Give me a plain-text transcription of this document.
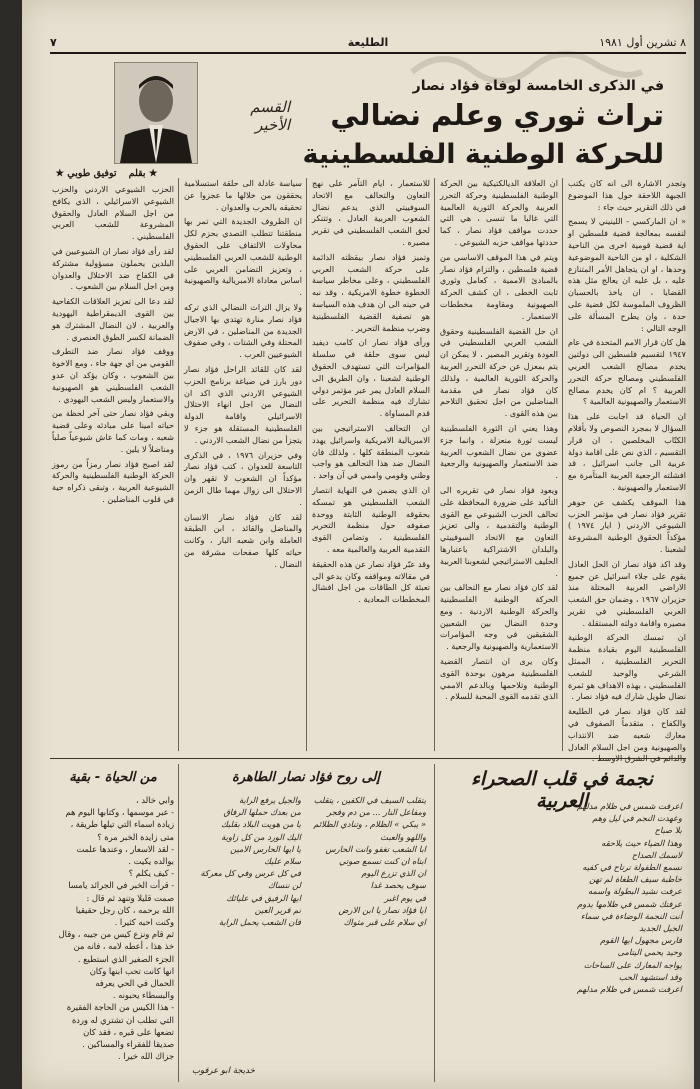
٨ تشرين أول ١٩٨١
الطليعة
٧
في الذكرى الخامسة لوفاة فؤاد نصار
تراث ثوري وعلم نضالي
للحركة الوطنية الفلسطينية
القسم الأخير
★ بقلم
توفيق طوبي ★

وتجدر الاشارة الى انه كان يكتب الجبهة اللاحقة حول هذا الموضوع في ذلك التقرير حيث جاء :

« ان الماركسي - اللينيني لا يسمح لنفسه بمعالجة قضية فلسطين او اية قضية قومية اخرى من الناحية الشكلية ، او من الناحية الموضوعية وحدها ، او ان يتجاهل الأمر المتنازع عليه ، بل عليه ان يعالج مثل هذه القضايا ، ان ياخذ بالحسبان الظروف الملموسة لكل قضية على حدة ، وان يطرح المسألة على الوجه التالي :

هل كان قرار الامم المتحدة في عام ١٩٤٧ لتقسيم فلسطين الى دولتين يخدم مصالح الشعب العربي الفلسطيني ومصالح حركة التحرر العربية ؟ ام كان يخدم مصالح الاستعمار والصهيونية العالمية ؟

ان الحياة قد اجابت على هذا السؤال لا بمجرد النصوص ولا بأقلام الكتّاب المخلصين ، ان قرار التقسيم ، الذي نص على اقامة دولة عربية الى جانب اسرائيل ، قد افشلته الرجعية العربية المتآمرة مع الاستعمار والصهيونية .

هذا الموقف يكشف عن جوهر تقرير فؤاد نصار في مؤتمر الحزب الشيوعي الاردني ( ايار ١٩٧٤ ) مؤكداً الحقوق الوطنية المشروعة لشعبنا .

وقد اكد فؤاد نصار ان الحل العادل يقوم على جلاء اسرائيل عن جميع الاراضي العربية المحتلة منذ حزيران ١٩٦٧ ، وضمان حق الشعب العربي الفلسطيني في تقرير مصيره واقامة دولته المستقلة .

ان تمسك الحركة الوطنية الفلسطينية اليوم بقيادة منظمة التحرير الفلسطينية ، الممثل الشرعي والوحيد للشعب الفلسطيني ، بهذه الاهداف هو ثمرة نضال طويل شارك فيه فؤاد نصار .

لقد كان فؤاد نصار في الطليعة والكفاح ، متقدماً الصفوف في معارك شعبه ضد الانتداب والصهيونية ومن اجل السلام العادل والدائم في الشرق الاوسط .

ان العلاقة الديالكتيكية بين الحركة الوطنية الفلسطينية وحركة التحرر العربية والحركة الثورية العالمية التي غالبا ما تنسى ، هي التي حددت مواقف فؤاد نصار ، كما حددتها مواقف حزبه الشيوعي .

ويتم في هذا الموقف الاساسي من قضية فلسطين ، والتزام فؤاد نصار بالمبادئ الاممية ، كعامل وثوري ثابت الخطى ، ان كشف الحركة الصهيونية ومقاومة مخططات الاستعمار .

ان حل القضية الفلسطينية وحقوق الشعب العربي الفلسطيني في العودة وتقرير المصير ، لا يمكن ان يتم بمعزل عن حركة التحرر العربية والحركة الثورية العالمية ، ولذلك كان فؤاد نصار في مقدمة المناضلين من اجل تحقيق التلاحم بين هذه القوى .

وهذا يعني ان الثورة الفلسطينية ليست ثورة منعزلة ، وانما جزء عضوي من نضال الشعوب العربية ضد الاستعمار والصهيونية والرجعية .

ويعود فؤاد نصار في تقريره الى التأكيد على ضرورة المحافظة على تحالف الحزب الشيوعي مع القوى الوطنية والتقدمية ، والى تعزيز التعاون مع الاتحاد السوفييتي والبلدان الاشتراكية باعتبارها الحليف الاستراتيجي لشعوبنا العربية .

لقد كان فؤاد نصار مع التحالف بين الحركة الوطنية الفلسطينية والحركة الوطنية الاردنية ، ومع وحدة النضال بين الشعبين الشقيقين في وجه المؤامرات الاستعمارية والصهيونية والرجعية .

وكان يرى ان انتصار القضية الفلسطينية مرهون بوحدة القوى الوطنية وتلاحمها وبالدعم الاممي الذي تقدمه القوى المحبة للسلام .

للاستعمار ، ايام التآمر على نهج التعاون والتحالف مع الاتحاد السوفييتي الذي يدعم نضال الشعوب العربية العادل ، وتتنكر لحق الشعب الفلسطيني في تقرير مصيره .

وتميز فؤاد نصار بيقظته الدائمة على حركة الشعب العربي الفلسطيني ، وعلى مخاطر سياسة الخطوة خطوة الامريكية ، وقد نبه في حينه الى ان هدف هذه السياسة هو تصفية القضية الفلسطينية وضرب منظمة التحرير .

ورأى فؤاد نصار ان كامب ديفيد ليس سوى حلقة في سلسلة المؤامرات التي تستهدف الحقوق الوطنية لشعبنا ، وان الطريق الى السلام العادل يمر عبر مؤتمر دولي تشارك فيه منظمة التحرير على قدم المساواة .

ان التحالف الاستراتيجي بين الامبريالية الامريكية واسرائيل يهدد شعوب المنطقة كلها ، ولذلك فان النضال ضد هذا التحالف هو واجب وطني وقومي واممي في آن واحد .

ان الذي يضمن في النهاية انتصار الشعب الفلسطيني هو تمسكه بحقوقه الوطنية الثابتة ووحدة صفوفه حول منظمة التحرير الفلسطينية ، وتضامن القوى التقدمية العربية والعالمية معه .

وقد عبّر فؤاد نصار عن هذه الحقيقة في مقالاته ومواقفه وكان يدعو الى تعبئة كل الطاقات من اجل افشال المخططات المعادية .

سياسة عادلة الى حلقة استسلامية يحققون من خلالها ما عجزوا عن تحقيقه بالحرب والعدوان .

ان الظروف الجديدة التي تمر بها منطقتنا تتطلب التصدي بحزم لكل محاولات الالتفاف على الحقوق الوطنية للشعب العربي الفلسطيني ، وتعزيز التضامن العربي على اساس معاداة الامبريالية والصهيونية .

ولا يزال التراث النضالي الذي تركه فؤاد نصار منارة تهتدي بها الاجيال الجديدة من المناضلين ، في الارض المحتلة وفي الشتات ، وفي صفوف الشيوعيين العرب .

لقد كان للقائد الراحل فؤاد نصار دور بارز في صياغة برنامج الحزب الشيوعي الاردني الذي اكد ان النضال من اجل انهاء الاحتلال الاسرائيلي واقامة الدولة الفلسطينية المستقلة هو جزء لا يتجزأ من نضال الشعب الاردني .

وفي حزيران ١٩٧٦ ، في الذكرى التاسعة للعدوان ، كتب فؤاد نصار مؤكداً ان الشعوب لا تقهر وان الاحتلال الى زوال مهما طال الزمن .

لقد كان فؤاد نصار الانسان والمناضل والقائد ، ابن الطبقة العاملة وابن شعبه البار ، وكانت حياته كلها صفحات مشرقة من النضال .

الحزب الشيوعي الاردني والحزب الشيوعي الاسرائيلي ، الذي يكافح من اجل السلام العادل والحقوق المشروعة للشعب العربي الفلسطيني .

لقد رأى فؤاد نصار ان الشيوعيين في البلدين يحملون مسؤولية مشتركة في الكفاح ضد الاحتلال والعدوان ومن اجل السلام بين الشعوب .

لقد دعا الى تعزيز العلاقات الكفاحية بين القوى الديمقراطية اليهودية والعربية ، لان النضال المشترك هو الضمانة لكسر الطوق العنصري .

ووقف فؤاد نصار ضد التطرف القومي من اي جهة جاء ، ومع الاخوة بين الشعوب ، وكان يؤكد ان عدو الشعب الفلسطيني هو الصهيونية والاستعمار وليس الشعب اليهودي .

وبقي فؤاد نصار حتى آخر لحظة من حياته امينا على مبادئه وعلى قضية شعبه ، ومات كما عاش شيوعياً صلباً ومناضلاً لا يلين .

لقد اصبح فؤاد نصار رمزاً من رموز الحركة الوطنية الفلسطينية والحركة الشيوعية العربية ، وتبقى ذكراه حية في قلوب المناضلين .

نجمة في قلب الصحراء العربية
اعرفت شمس في ظلام مدلهم
وعهدت النجم في ليل وهم
بلا صباح
وهذا الضياء حيث يلاحقه
لاسمك الصداح
نسمع الطفولة ترتاح في كفيه
خاطبة سيف الطغاة لم تهن
عرفت نشيد البطولة واسمه
عرفتك شمس في ظلامها يدوم
أنت النجمة الوضاءة في سماء
الجيل الجديد
فارس مجهول ايها القوم
وحيد يحمي اليتامى
يواجه المعارك على الساحات
وقد استشهد الحب
اعرفت شمس في ظلام مدلهم
إلى روح فؤاد نصار الطاهرة
يتقلب السيف في الكفين ، يتقلب
ومفاعل النار ... من دم وفجر
« يبكي » الظلام ، وتنادي الظلائم
واللهو والعبث
ابا الشعب تغفو وانت الحارس
ابتاه ان كنت تسمع صوتي
ان الذي تزرع اليوم
سوف يحصد غدا
في يوم اغبر
ايا فؤاد نصار يا ابن الارض
اي سلام على قبر مثواك
والجيل يرفع الراية
من بعدك حملها الرفاق
يا من هويت البلاد بقلبك
اليك الورد من كل زاوية
يا ايها الحارس الامين
سلام عليك
في كل عرس وفي كل معركة
لن ننساك
ايها الرفيق في عليائك
نم قرير العين
فان الشعب يحمل الراية
خديجة ابو عرقوب
من الحياة - بقية
وابي خالد ،
- عبر موسمها ، وكتابها اليوم هم
زيادة اسماء التي تيلها طريقة ،
متى زايدة الخبر مرة ؟
- لقد الاسعار ، وعندها علمت
بوالده يكيت .
- كيف يكلم ؟
- قرأت الخبر في الجرائد يامسا
صمت قليلا وتنهد ثم قال :
الله يرحمه ، كان رجل حقيقيا
وكنت احبه كثيرا .
ثم قام ونزع كيس من جيبه ، وقال
خذ هذا ، أعطه لامه ، فانه من
الجزء الصغير الذي استطيع .
انها كانت تحب ابنها وكان
الحمال في الحي يعرفه
والبسطاء يحبونه .
- هذا الكيس من الحاجة الفقيرة
التي تطلب ان تشتري له وردة
تضعها على قبره ، فقد كان
صديقا للفقراء والمساكين .
جزاك الله خيرا .
